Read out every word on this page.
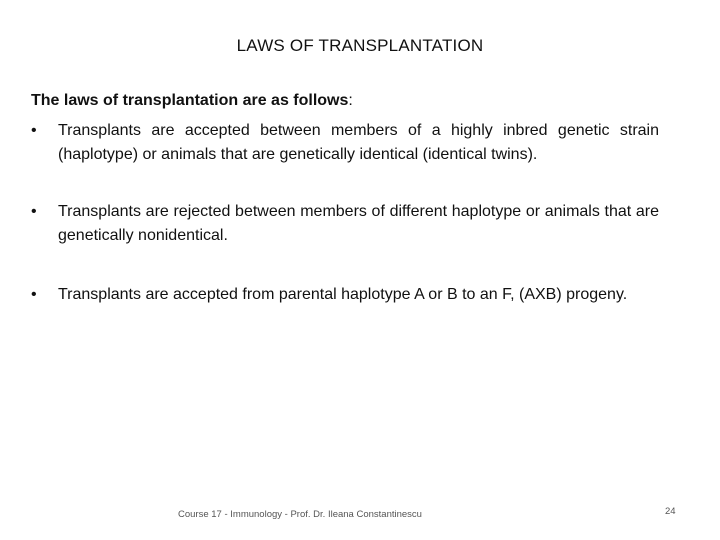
LAWS OF TRANSPLANTATION
The laws of transplantation are as follows:
•	Transplants are accepted between members of a highly inbred genetic strain (haplotype) or animals that are genetically identical (identical twins).
•	Transplants are rejected between members of different haplotype or animals that are genetically nonidentical.
•	Transplants are accepted from parental haplotype A or B to an F, (AXB) progeny.
Course 17 - Immunology - Prof. Dr. Ileana Constantinescu	24
